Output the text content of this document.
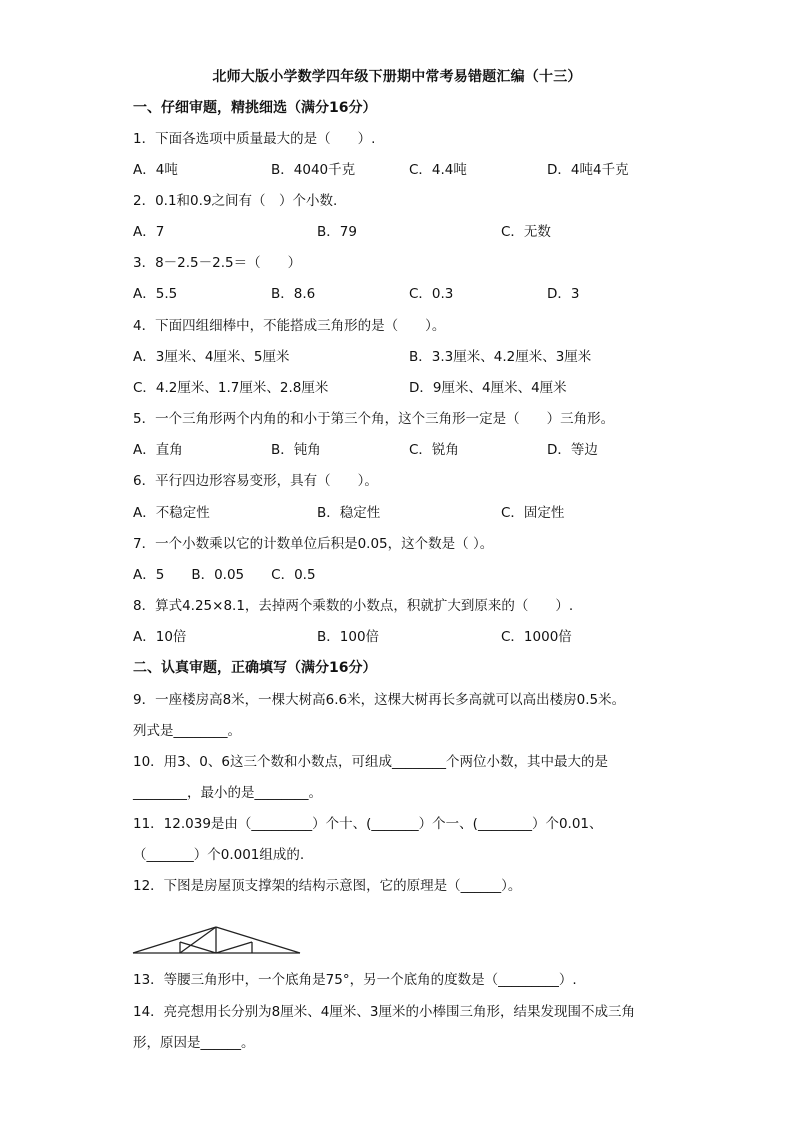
北师大版小学数学四年级下册期中常考易错题汇编（十三）
一、仔细审题，精挑细选（满分16分）
1．下面各选项中质量最大的是（　　）.
A．4吨	B．4040千克	C．4.4吨	D．4吨4千克
2．0.1和0.9之间有（　）个小数.
A．7	B．79	C．无数
3．8－2.5－2.5＝（　　）
A．5.5	B．8.6	C．0.3	D．3
4．下面四组细棒中，不能搭成三角形的是（　　）。
A．3厘米、4厘米、5厘米	B．3.3厘米、4.2厘米、3厘米
C．4.2厘米、1.7厘米、2.8厘米	D．9厘米、4厘米、4厘米
5．一个三角形两个内角的和小于第三个角，这个三角形一定是（　　）三角形。
A．直角	B．钝角	C．锐角	D．等边
6．平行四边形容易变形，具有（　　）。
A．不稳定性	B．稳定性	C．固定性
7．一个小数乘以它的计数单位后积是0.05，这个数是（ ）。
A．5　　B．0.05　　C．0.5
8．算式4.25×8.1，去掉两个乘数的小数点，积就扩大到原来的（　　）.
A．10倍	B．100倍	C．1000倍
二、认真审题，正确填写（满分16分）
9．一座楼房高8米，一棵大树高6.6米，这棵大树再长多高就可以高出楼房0.5米。
列式是________。
10．用3、0、6这三个数和小数点，可组成________个两位小数，其中最大的是
________，最小的是________。
11．12.039是由（_________）个十、(_______）个一、(________）个0.01、
（_______）个0.001组成的.
12．下图是房屋顶支撑架的结构示意图，它的原理是（______）。
13．等腰三角形中，一个底角是75°，另一个底角的度数是（_________）.
14．亮亮想用长分别为8厘米、4厘米、3厘米的小棒围三角形，结果发现围不成三角
形，原因是______。
